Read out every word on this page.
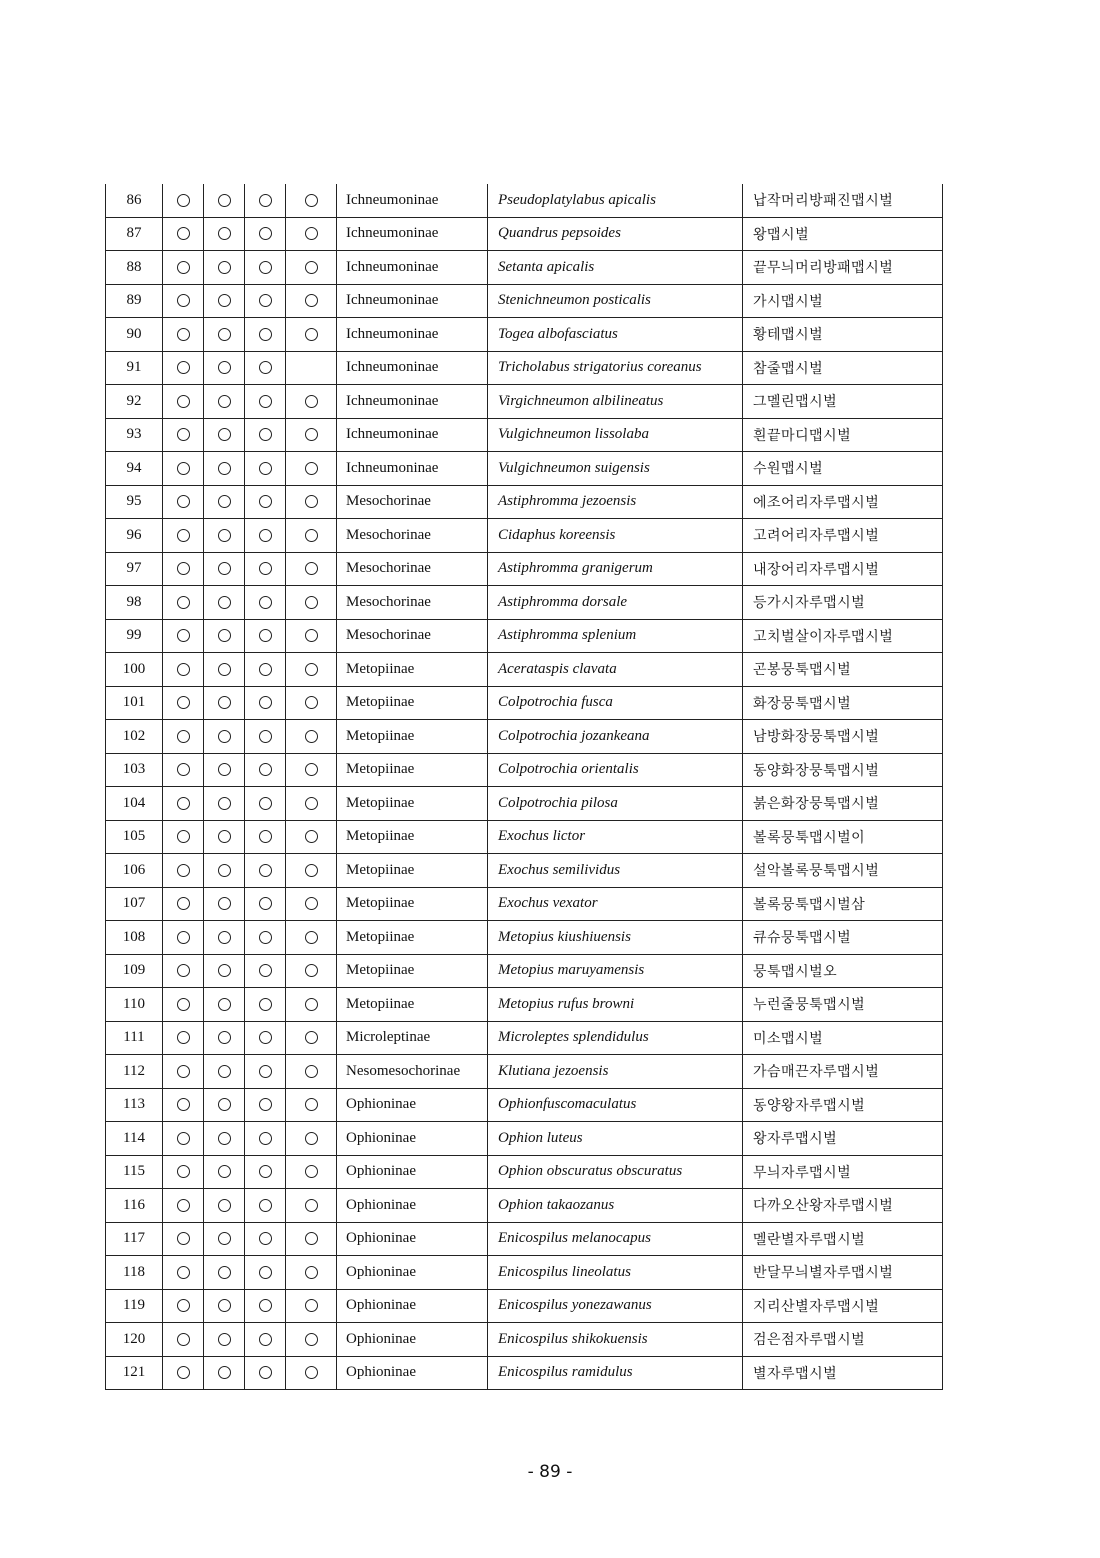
86					Ichneumoninae	Pseudoplatylabus apicalis	납작머리방패진맵시벌
87					Ichneumoninae	Quandrus pepsoides	왕맵시벌
88					Ichneumoninae	Setanta apicalis	끝무늬머리방패맵시벌
89					Ichneumoninae	Stenichneumon posticalis	가시맵시벌
90					Ichneumoninae	Togea albofasciatus	황테맵시벌
91					Ichneumoninae	Tricholabus strigatorius coreanus	참줄맵시벌
92					Ichneumoninae	Virgichneumon albilineatus	그멜린맵시벌
93					Ichneumoninae	Vulgichneumon lissolaba	흰끝마디맵시벌
94					Ichneumoninae	Vulgichneumon suigensis	수원맵시벌
95					Mesochorinae	Astiphromma jezoensis	에조어리자루맵시벌
96					Mesochorinae	Cidaphus koreensis	고려어리자루맵시벌
97					Mesochorinae	Astiphromma granigerum	내장어리자루맵시벌
98					Mesochorinae	Astiphromma dorsale	등가시자루맵시벌
99					Mesochorinae	Astiphromma splenium	고치벌살이자루맵시벌
100					Metopiinae	Acerataspis clavata	곤봉뭉툭맵시벌
101					Metopiinae	Colpotrochia fusca	화장뭉툭맵시벌
102					Metopiinae	Colpotrochia jozankeana	남방화장뭉툭맵시벌
103					Metopiinae	Colpotrochia orientalis	동양화장뭉툭맵시벌
104					Metopiinae	Colpotrochia pilosa	붉은화장뭉툭맵시벌
105					Metopiinae	Exochus lictor	볼록뭉툭맵시벌이
106					Metopiinae	Exochus semilividus	설악볼록뭉툭맵시벌
107					Metopiinae	Exochus vexator	볼록뭉툭맵시벌삼
108					Metopiinae	Metopius kiushiuensis	큐슈뭉툭맵시벌
109					Metopiinae	Metopius maruyamensis	뭉툭맵시벌오
110					Metopiinae	Metopius rufus browni	누런줄뭉툭맵시벌
111					Microleptinae	Microleptes splendidulus	미소맵시벌
112					Nesomesochorinae	Klutiana jezoensis	가슴매끈자루맵시벌
113					Ophioninae	Ophionfuscomaculatus	동양왕자루맵시벌
114					Ophioninae	Ophion luteus	왕자루맵시벌
115					Ophioninae	Ophion obscuratus obscuratus	무늬자루맵시벌
116					Ophioninae	Ophion takaozanus	다까오산왕자루맵시벌
117					Ophioninae	Enicospilus melanocapus	멜란별자루맵시벌
118					Ophioninae	Enicospilus lineolatus	반달무늬별자루맵시벌
119					Ophioninae	Enicospilus yonezawanus	지리산별자루맵시벌
120					Ophioninae	Enicospilus shikokuensis	검은점자루맵시벌
121					Ophioninae	Enicospilus ramidulus	별자루맵시벌
- 89 -
